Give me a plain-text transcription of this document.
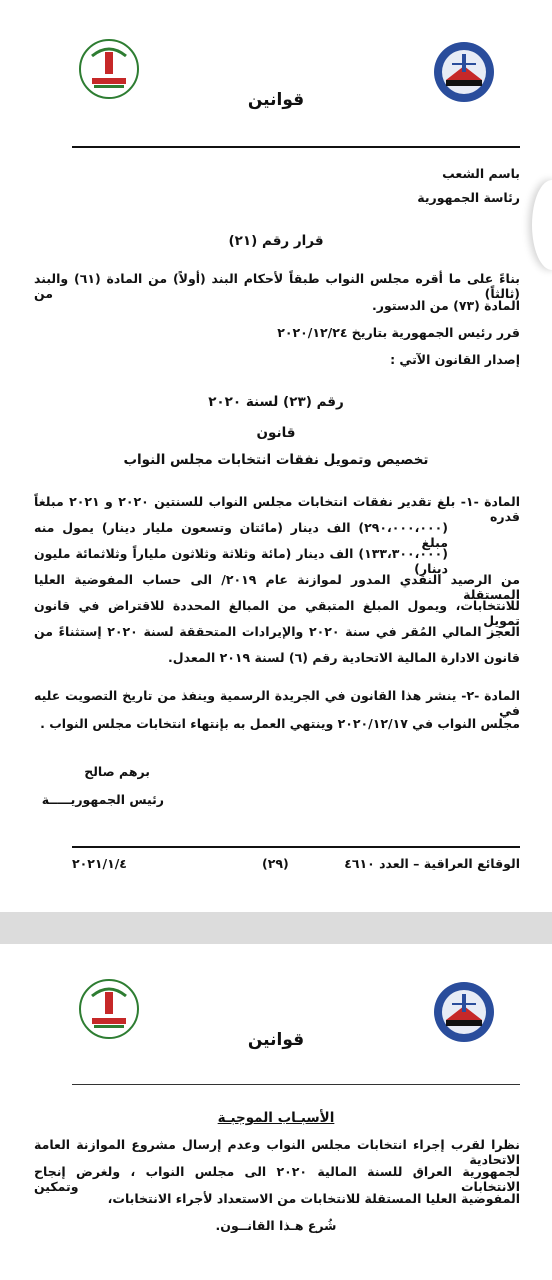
قوانين
باسم الشعب
رئاسة الجمهورية
قرار رقم (٢١)
بناءً على ما أقره مجلس النواب طبقاً لأحكام البند (أولاً) من المادة (٦١) والبند (ثالثاً) من
المادة (٧٣) من الدستور.
قرر رئيس الجمهورية بتاريخ ٢٠٢٠/١٢/٢٤
إصدار القانون الآتي :
رقم (٢٣) لسنة ٢٠٢٠
قانون
تخصيص وتمويل نفقات انتخابات مجلس النواب
المادة -١- بلغ تقدير نفقات انتخابات مجلس النواب للسنتين ٢٠٢٠ و ٢٠٢١ مبلغاً قدره
(٢٩٠،٠٠٠،٠٠٠) الف دينار (مائتان وتسعون مليار دينار) يمول منه مبلغ
(١٣٣،٣٠٠،٠٠٠) الف دينار (مائة وثلاثة وثلاثون ملياراً وثلاثمائة مليون دينار)
من الرصيد النقدي المدور لموازنة عام ٢٠١٩/ الى حساب المفوضية العليا المستقلة
للانتخابات، ويمول المبلغ المتبقي من المبالغ المحددة للاقتراض في قانون تمويل
العجز المالي المُقر في سنة ٢٠٢٠ والإيرادات المتحققة لسنة ٢٠٢٠ إستثناءً من
قانون الادارة المالية الاتحادية رقم (٦) لسنة ٢٠١٩ المعدل.
المادة -٢- ينشر هذا القانون في الجريدة الرسمية وينفذ من تاريخ التصويت عليه في
مجلس النواب في ٢٠٢٠/١٢/١٧ وينتهي العمل به بإنتهاء انتخابات مجلس النواب .
برهم صالح
رئيس الجمهوريـــــة
الوقائع العراقية – العدد ٤٦١٠
(٢٩)
٢٠٢١/١/٤
قوانين
الأسبـاب الموجبـة
نظرا لقرب إجراء انتخابات مجلس النواب وعدم إرسال مشروع الموازنة العامة الاتحادية
لجمهورية العراق للسنة المالية ٢٠٢٠ الى مجلس النواب ، ولغرض إنجاح الانتخابات وتمكين
المفوضية العليا المستقلة للانتخابات من الاستعداد لأجراء الانتخابات،
شُرع هـذا القانــون.
